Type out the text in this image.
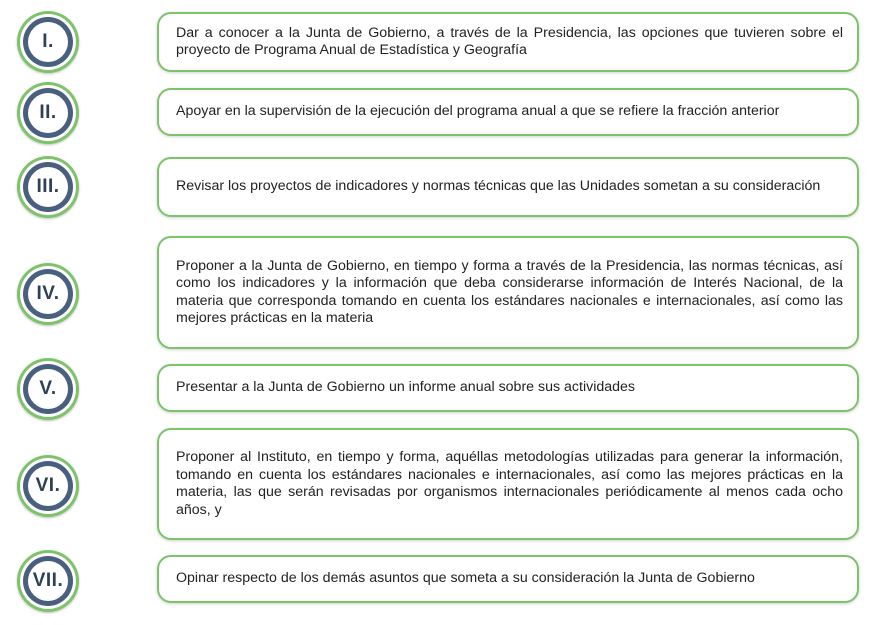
I.	Dar a conocer a la Junta de Gobierno, a través de la Presidencia, las opciones que tuvieren sobre el proyecto de Programa Anual de Estadística y Geografía
II.	Apoyar en la supervisión de la ejecución del programa anual a que se refiere la fracción anterior
III.	Revisar los proyectos de indicadores y normas técnicas que las Unidades sometan a su consideración
IV.
Proponer a la Junta de Gobierno, en tiempo y forma a través de la Presidencia, las normas técnicas, así como los indicadores y la información que deba considerarse información de Interés Nacional, de la materia que corresponda tomando en cuenta los estándares nacionales e internacionales, así como las mejores prácticas en la materia
V.	Presentar a la Junta de Gobierno un informe anual sobre sus actividades
VI.
Proponer al Instituto, en tiempo y forma, aquéllas metodologías utilizadas para generar la información, tomando en cuenta los estándares nacionales e internacionales, así como las mejores prácticas en la materia, las que serán revisadas por organismos internacionales periódicamente al menos cada ocho años, y
VII.	Opinar respecto de los demás asuntos que someta a su consideración la Junta de Gobierno
